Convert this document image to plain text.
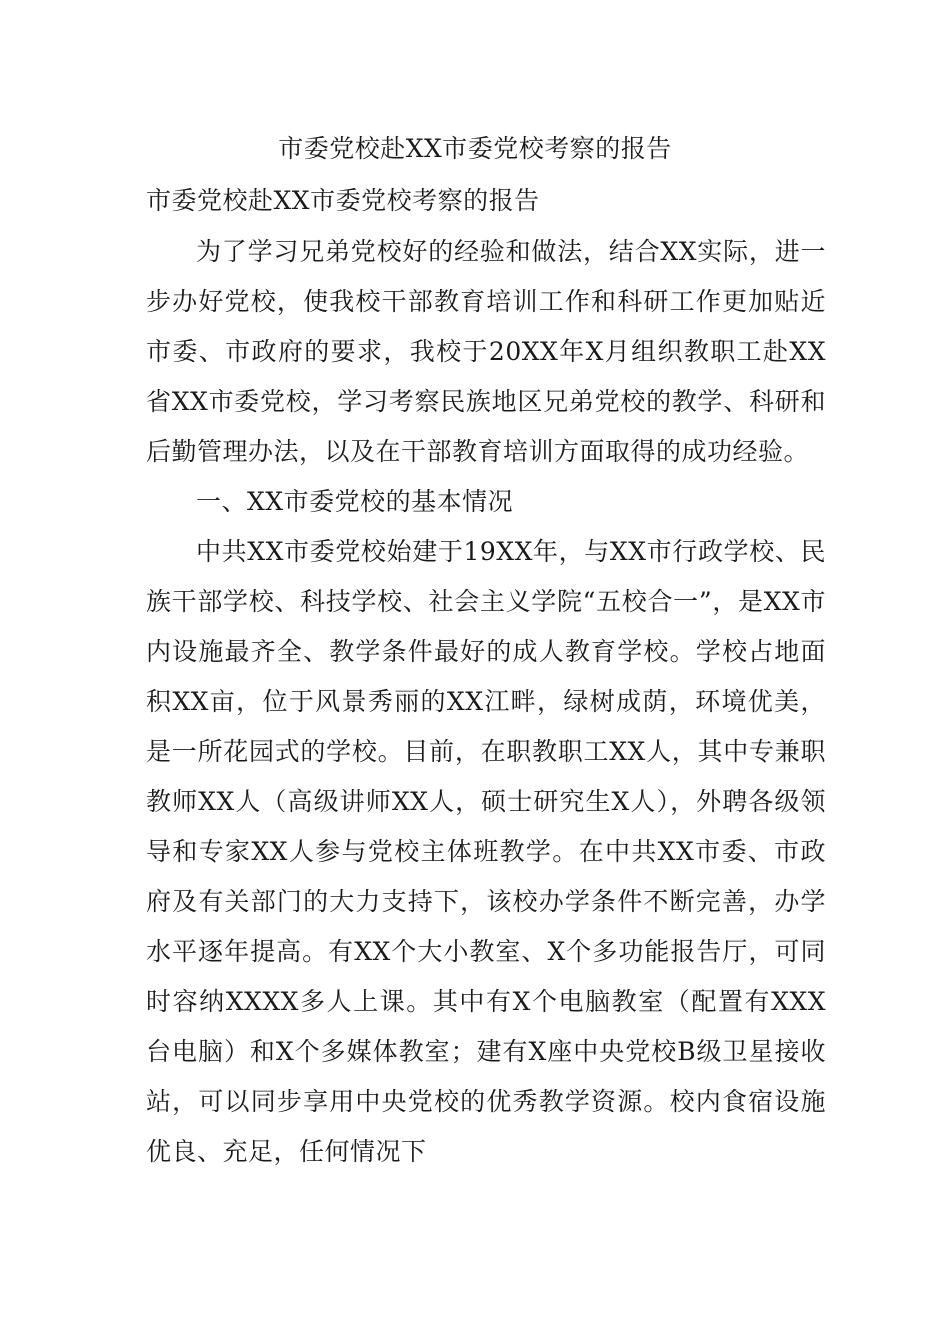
市委党校赴XX市委党校考察的报告
市委党校赴XX市委党校考察的报告

为了学习兄弟党校好的经验和做法，结合XX实际，进一步办好党校，使我校干部教育培训工作和科研工作更加贴近市委、市政府的要求，我校于20XX年X月组织教职工赴XX省XX市委党校，学习考察民族地区兄弟党校的教学、科研和后勤管理办法，以及在干部教育培训方面取得的成功经验。

一、XX市委党校的基本情况

中共XX市委党校始建于19XX年，与XX市行政学校、民族干部学校、科技学校、社会主义学院“五校合一”，是XX市内设施最齐全、教学条件最好的成人教育学校。学校占地面积XX亩，位于风景秀丽的XX江畔，绿树成荫，环境优美，是一所花园式的学校。目前，在职教职工XX人，其中专兼职教师XX人（高级讲师XX人，硕士研究生X人），外聘各级领导和专家XX人参与党校主体班教学。在中共XX市委、市政府及有关部门的大力支持下，该校办学条件不断完善，办学水平逐年提高。有XX个大小教室、X个多功能报告厅，可同时容纳XXXX多人上课。其中有X个电脑教室（配置有XXX台电脑）和X个多媒体教室；建有X座中央党校B级卫星接收站，可以同步享用中央党校的优秀教学资源。校内食宿设施优良、充足，任何情况下
